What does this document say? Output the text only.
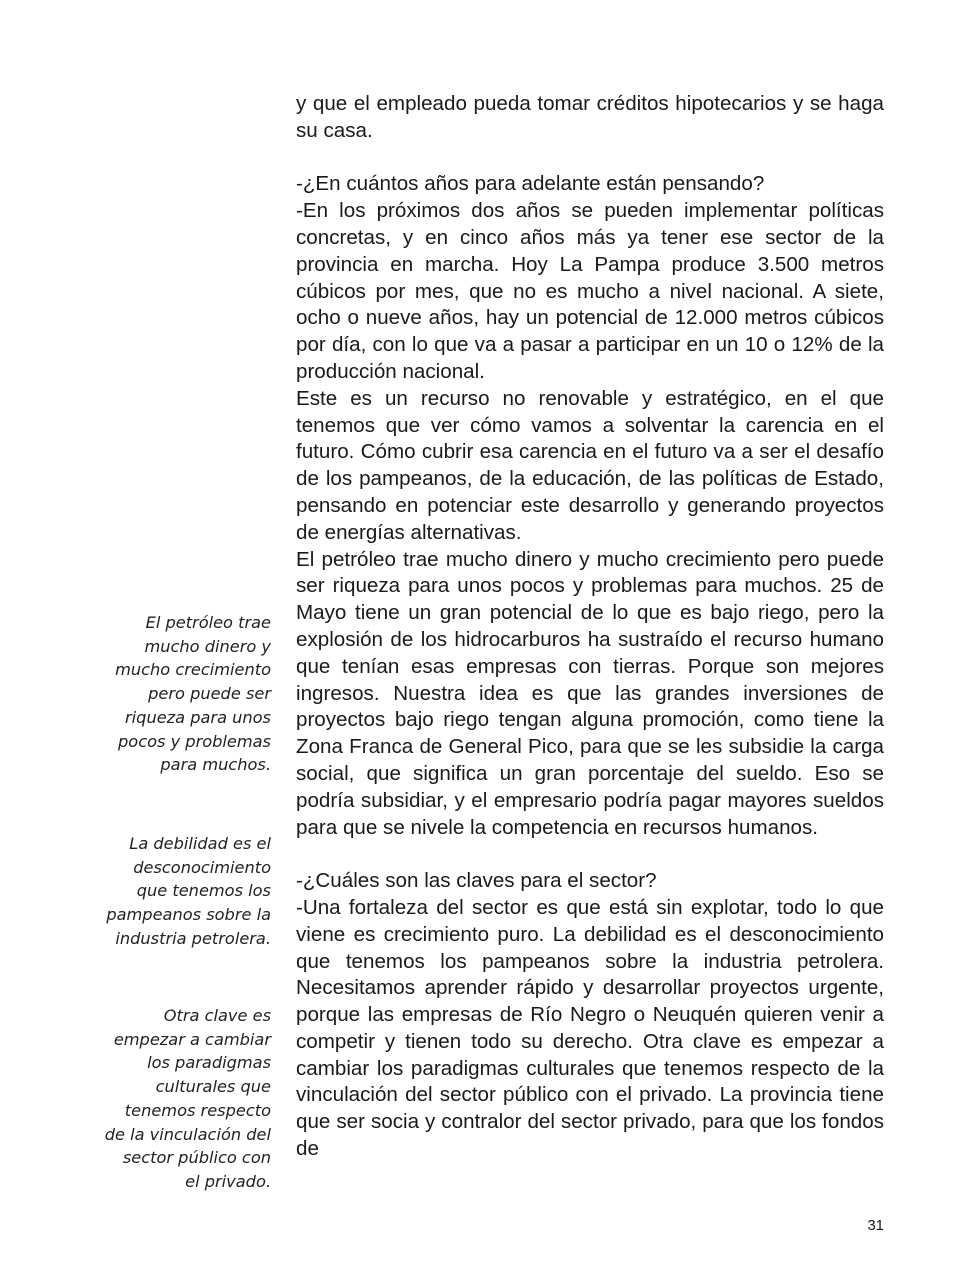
y que el empleado pueda tomar créditos hipotecarios y se haga su casa.

-¿En cuántos años para adelante están pensando?

-En los próximos dos años se pueden implementar políticas concretas, y en cinco años más ya tener ese sector de la provincia en marcha. Hoy La Pampa produce 3.500 metros cúbicos por mes, que no es mucho a nivel nacional. A siete, ocho o nueve años, hay un potencial de 12.000 metros cúbicos por día, con lo que va a pasar a participar en un 10 o 12% de la producción nacional.

Este es un recurso no renovable y estratégico, en el que tenemos que ver cómo vamos a solventar la carencia en el futuro. Cómo cubrir esa carencia en el futuro va a ser el desafío de los pampeanos, de la educación, de las políticas de Estado, pensando en potenciar este desarrollo y generando proyectos de energías alternativas.

El petróleo trae mucho dinero y mucho crecimiento pero puede ser riqueza para unos pocos y problemas para muchos. 25 de Mayo tiene un gran potencial de lo que es bajo riego, pero la explosión de los hidrocarburos ha sustraído el recurso humano que tenían esas empresas con tierras. Porque son mejores ingresos. Nuestra idea es que las grandes inversiones de proyectos bajo riego tengan alguna promoción, como tiene la Zona Franca de General Pico, para que se les subsidie la carga social, que significa un gran porcentaje del sueldo. Eso se podría subsidiar, y el empresario podría pagar mayores sueldos para que se nivele la competencia en recursos humanos.

-¿Cuáles son las claves para el sector?

-Una fortaleza del sector es que está sin explotar, todo lo que viene es crecimiento puro. La debilidad es el desconocimiento que tenemos los pampeanos sobre la industria petrolera. Necesitamos aprender rápido y desarrollar proyectos urgente, porque las empresas de Río Negro o Neuquén quieren venir a competir y tienen todo su derecho. Otra clave es empezar a cambiar los paradigmas culturales que tenemos respecto de la vinculación del sector público con el privado. La provincia tiene que ser socia y contralor del sector privado, para que los fondos de

El petróleo trae
mucho dinero y
mucho crecimiento
pero puede ser
riqueza para unos
pocos y problemas
para muchos.
La debilidad es el
desconocimiento
que tenemos los
pampeanos sobre la
industria petrolera.
Otra clave es
empezar a cambiar
los paradigmas
culturales que
tenemos respecto
de la vinculación del
sector público con
el privado.
31
